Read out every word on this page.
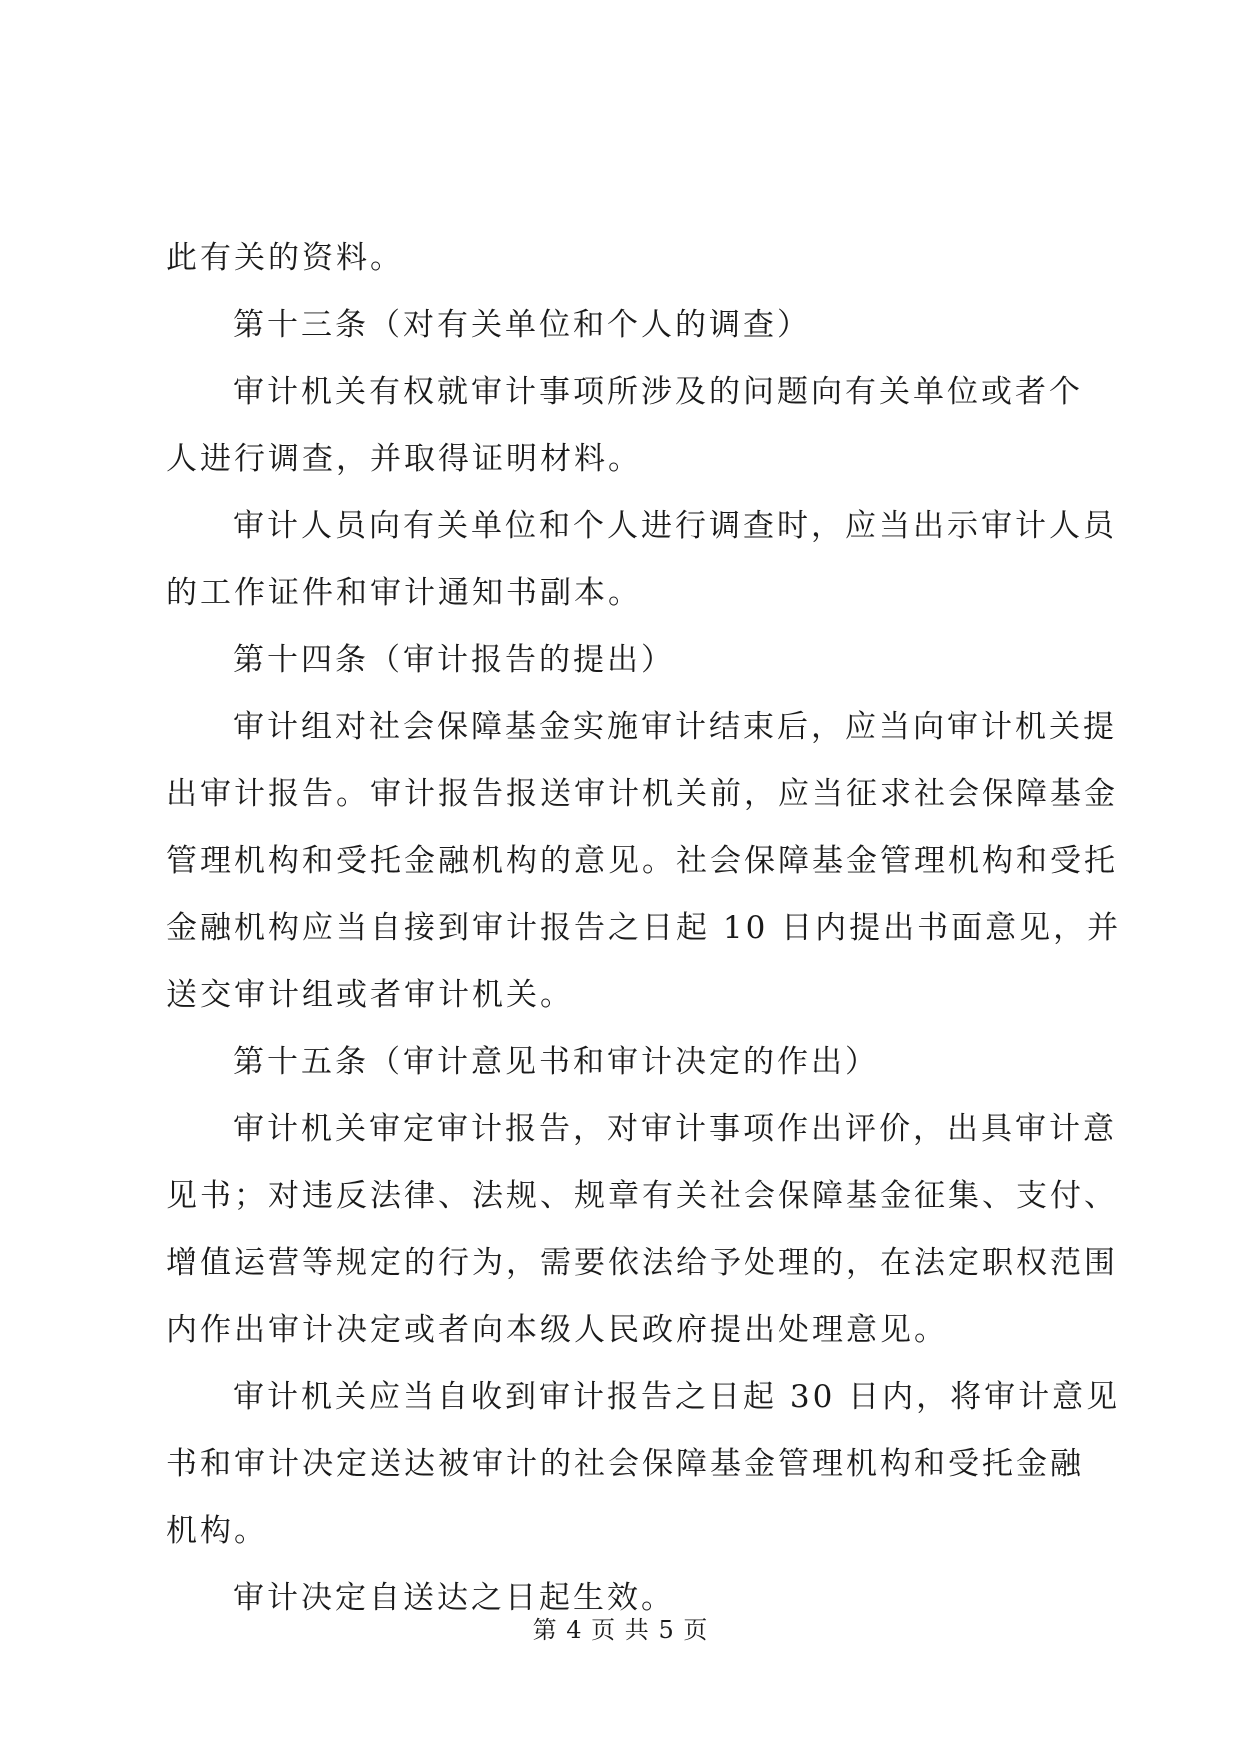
此有关的资料。
第十三条（对有关单位和个人的调查）
审计机关有权就审计事项所涉及的问题向有关单位或者个
人进行调查，并取得证明材料。
审计人员向有关单位和个人进行调查时，应当出示审计人员
的工作证件和审计通知书副本。
第十四条（审计报告的提出）
审计组对社会保障基金实施审计结束后，应当向审计机关提
出审计报告。审计报告报送审计机关前，应当征求社会保障基金
管理机构和受托金融机构的意见。社会保障基金管理机构和受托
金融机构应当自接到审计报告之日起 10 日内提出书面意见，并
送交审计组或者审计机关。
第十五条（审计意见书和审计决定的作出）
审计机关审定审计报告，对审计事项作出评价，出具审计意
见书；对违反法律、法规、规章有关社会保障基金征集、支付、
增值运营等规定的行为，需要依法给予处理的，在法定职权范围
内作出审计决定或者向本级人民政府提出处理意见。
审计机关应当自收到审计报告之日起 30 日内，将审计意见
书和审计决定送达被审计的社会保障基金管理机构和受托金融
机构。
审计决定自送达之日起生效。
第 4 页 共 5 页
